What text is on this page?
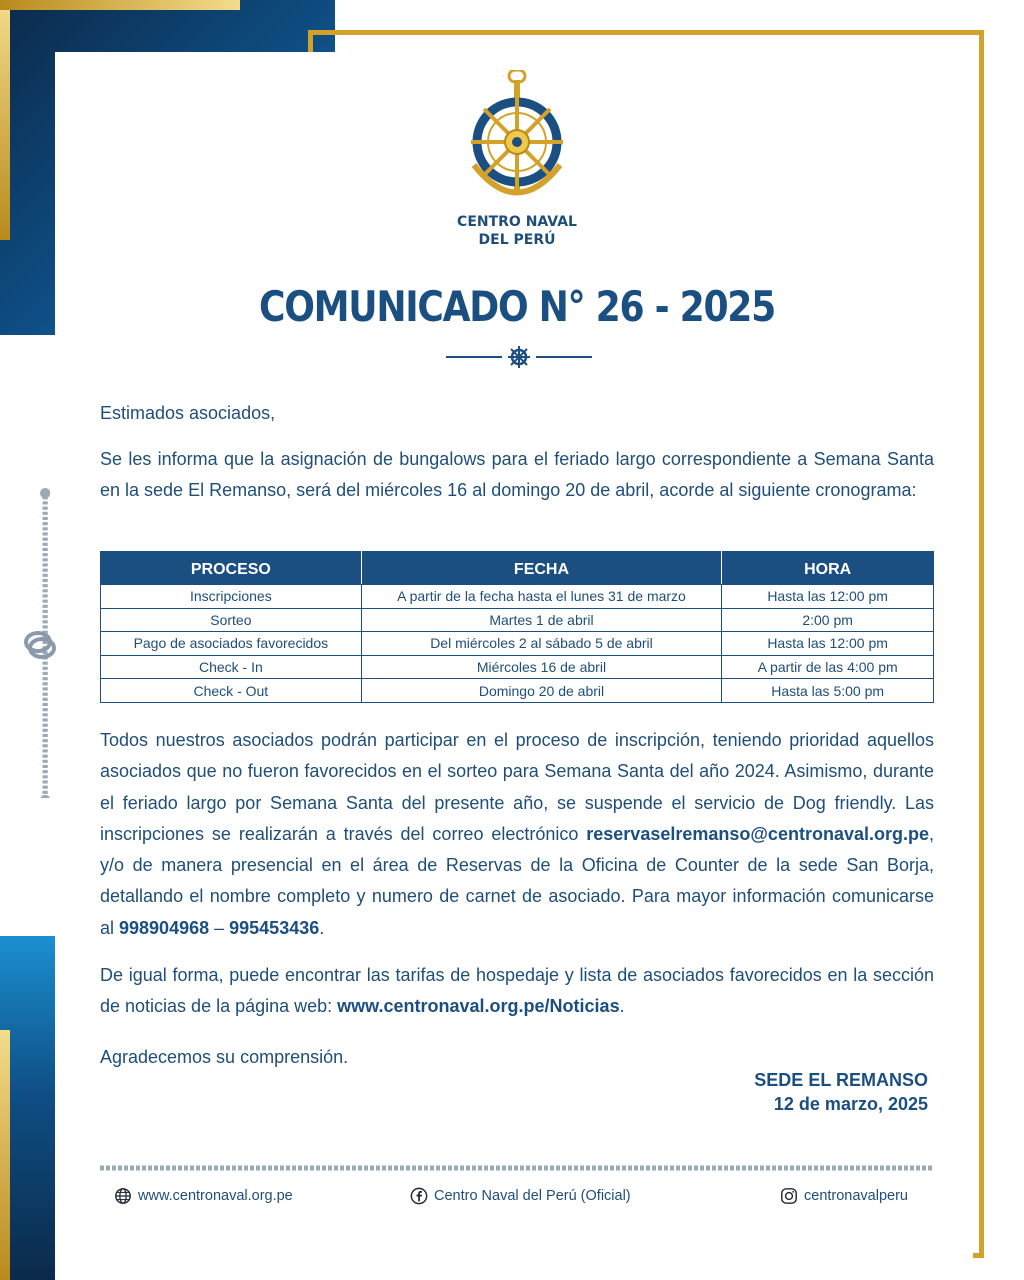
CENTRO NAVAL
DEL PERÚ
COMUNICADO N° 26 - 2025
Estimados asociados,
Se les informa que la asignación de bungalows para el feriado largo correspondiente a Semana Santa en la sede El Remanso, será del miércoles 16 al domingo 20 de abril, acorde al siguiente cronograma:
PROCESO	FECHA	HORA
Inscripciones	A partir de la fecha hasta el lunes 31 de marzo	Hasta las 12:00 pm
Sorteo	Martes 1 de abril	2:00 pm
Pago de asociados favorecidos	Del miércoles 2 al sábado 5 de abril	Hasta las 12:00 pm
Check - In	Miércoles 16 de abril	A partir de las 4:00 pm
Check - Out	Domingo 20 de abril	Hasta las 5:00 pm
Todos nuestros asociados podrán participar en el proceso de inscripción, teniendo prioridad aquellos asociados que no fueron favorecidos en el sorteo para Semana Santa del año 2024. Asimismo, durante el feriado largo por Semana Santa del presente año, se suspende el servicio de Dog friendly. Las inscripciones se realizarán a través del correo electrónico reservaselremanso@centronaval.org.pe, y/o de manera presencial en el área de Reservas de la Oficina de Counter de la sede San Borja, detallando el nombre completo y numero de carnet de asociado. Para mayor información comunicarse al 998904968 – 995453436.
De igual forma, puede encontrar las tarifas de hospedaje y lista de asociados favorecidos en la sección de noticias de la página web: www.centronaval.org.pe/Noticias.
Agradecemos su comprensión.
SEDE EL REMANSO
12 de marzo, 2025
www.centronaval.org.pe	Centro Naval del Perú (Oficial)	centronavalperu
